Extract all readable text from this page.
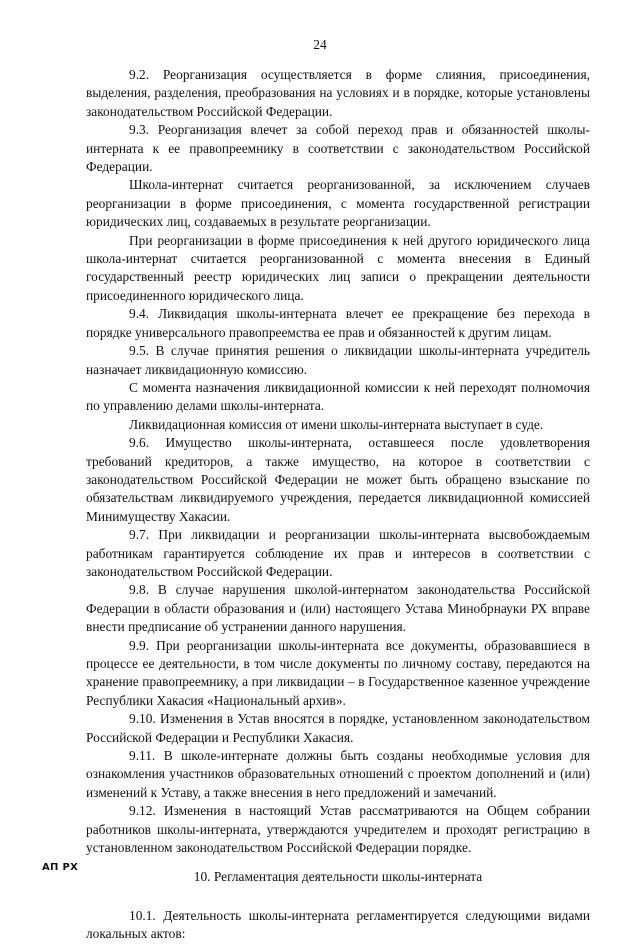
24

9.2. Реорганизация осуществляется в форме слияния, присоединения, выделения, разделения, преобразования на условиях и в порядке, которые установлены законодательством Российской Федерации.

9.3. Реорганизация влечет за собой переход прав и обязанностей школы-интерната к ее правопреемнику в соответствии с законодательством Российской Федерации.

Школа-интернат считается реорганизованной, за исключением случаев реорганизации в форме присоединения, с момента государственной регистрации юридических лиц, создаваемых в результате реорганизации.

При реорганизации в форме присоединения к ней другого юридического лица школа-интернат считается реорганизованной с момента внесения в Единый государственный реестр юридических лиц записи о прекращении деятельности присоединенного юридического лица.

9.4. Ликвидация школы-интерната влечет ее прекращение без перехода в порядке универсального правопреемства ее прав и обязанностей к другим лицам.

9.5. В случае принятия решения о ликвидации школы-интерната учредитель назначает ликвидационную комиссию.

С момента назначения ликвидационной комиссии к ней переходят полномочия по управлению делами школы-интерната.

Ликвидационная комиссия от имени школы-интерната выступает в суде.

9.6. Имущество школы-интерната, оставшееся после удовлетворения требований кредиторов, а также имущество, на которое в соответствии с законодательством Российской Федерации не может быть обращено взыскание по обязательствам ликвидируемого учреждения, передается ликвидационной комиссией Минимуществу Хакасии.

9.7. При ликвидации и реорганизации школы-интерната высвобождаемым работникам гарантируется соблюдение их прав и интересов в соответствии с законодательством Российской Федерации.

9.8. В случае нарушения школой-интернатом законодательства Российской Федерации в области образования и (или) настоящего Устава Минобрнауки РХ вправе внести предписание об устранении данного нарушения.

9.9. При реорганизации школы-интерната все документы, образовавшиеся в процессе ее деятельности, в том числе документы по личному составу, передаются на хранение правопреемнику, а при ликвидации – в Государственное казенное учреждение Республики Хакасия «Национальный архив».

9.10. Изменения в Устав вносятся в порядке, установленном законодательством Российской Федерации и Республики Хакасия.

9.11. В школе-интернате должны быть созданы необходимые условия для ознакомления участников образовательных отношений с проектом дополнений и (или) изменений к Уставу, а также внесения в него предложений и замечаний.

9.12. Изменения в настоящий Устав рассматриваются на Общем собрании работников школы-интерната, утверждаются учредителем и проходят регистрацию в установленном законодательством Российской Федерации порядке.

10. Регламентация деятельности школы-интерната

10.1. Деятельность школы-интерната регламентируется следующими видами локальных актов:

АП РХ
